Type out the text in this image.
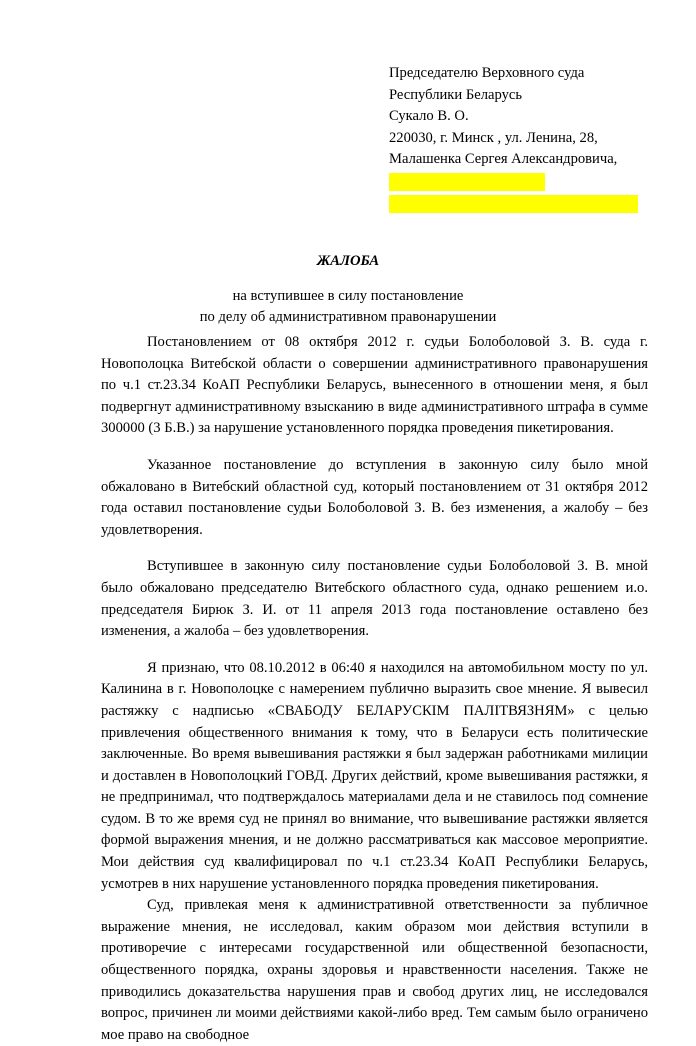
Председателю Верховного суда
Республики Беларусь
Сукало В. О.
220030, г. Минск , ул. Ленина, 28,
Малашенка Сергея Александровича,
ЖАЛОБА
на вступившее в силу постановление
по делу об административном правонарушении

Постановлением от 08 октября 2012 г. судьи Болоболовой З. В. суда г. Новополоцка Витебской области о совершении административного правонарушения по ч.1 ст.23.34 КоАП Республики Беларусь, вынесенного в отношении меня, я был подвергнут административному взысканию в виде административного штрафа в сумме 300000 (3 Б.В.) за нарушение установленного порядка проведения пикетирования.

Указанное постановление до вступления в законную силу было мной обжаловано в Витебский областной суд, который постановлением от 31 октября 2012 года оставил постановление судьи Болоболовой З. В. без изменения, а жалобу – без удовлетворения.

Вступившее в законную силу постановление судьи Болоболовой З. В. мной было обжаловано председателю Витебского областного суда, однако решением и.о. председателя Бирюк З. И. от 11 апреля 2013 года постановление оставлено без изменения, а жалоба – без удовлетворения.

Я признаю, что 08.10.2012 в 06:40 я находился на автомобильном мосту по ул. Калинина в г. Новополоцке с намерением публично выразить свое мнение. Я вывесил растяжку с надписью «СВАБОДУ БЕЛАРУСКІМ ПАЛІТВЯЗНЯМ» с целью привлечения общественного внимания к тому, что в Беларуси есть политические заключенные. Во время вывешивания растяжки я был задержан работниками милиции и доставлен в Новополоцкий ГОВД. Других действий, кроме вывешивания растяжки, я не предпринимал, что подтверждалось материалами дела и не ставилось под сомнение судом. В то же время суд не принял во внимание, что вывешивание растяжки является формой выражения мнения, и не должно рассматриваться как массовое мероприятие. Мои действия суд квалифицировал по ч.1 ст.23.34 КоАП Республики Беларусь, усмотрев в них нарушение установленного порядка проведения пикетирования.

Суд, привлекая меня к административной ответственности за публичное выражение мнения, не исследовал, каким образом мои действия вступили в противоречие с интересами государственной или общественной безопасности, общественного порядка, охраны здоровья и нравственности населения. Также не приводились доказательства нарушения прав и свобод других лиц, не исследовался вопрос, причинен ли моими действиями какой-либо вред. Тем самым было ограничено мое право на свободное
